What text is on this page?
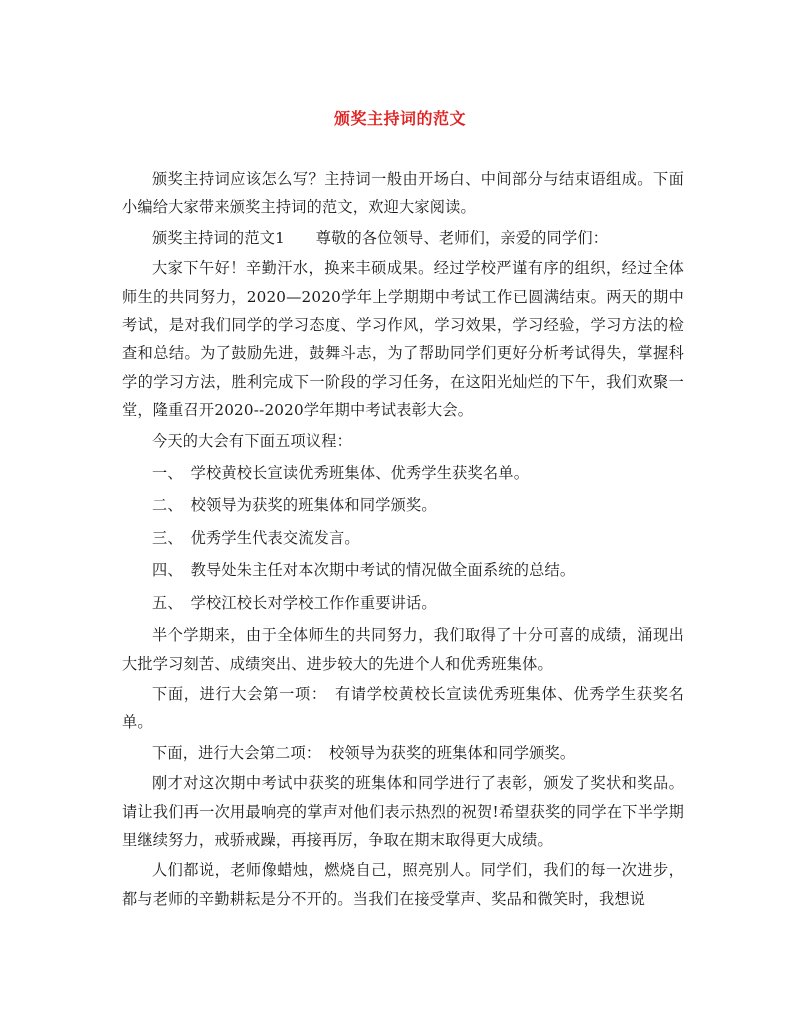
颁奖主持词的范文

颁奖主持词应该怎么写？主持词一般由开场白、中间部分与结束语组成。下面小编给大家带来颁奖主持词的范文，欢迎大家阅读。

颁奖主持词的范文1　　尊敬的各位领导、老师们，亲爱的同学们：

大家下午好！辛勤汗水，换来丰硕成果。经过学校严谨有序的组织，经过全体师生的共同努力，2020—2020学年上学期期中考试工作已圆满结束。两天的期中考试，是对我们同学的学习态度、学习作风，学习效果，学习经验，学习方法的检查和总结。为了鼓励先进，鼓舞斗志，为了帮助同学们更好分析考试得失，掌握科学的学习方法，胜利完成下一阶段的学习任务，在这阳光灿烂的下午，我们欢聚一堂，隆重召开2020--2020学年期中考试表彰大会。

今天的大会有下面五项议程：

一、　学校黄校长宣读优秀班集体、优秀学生获奖名单。

二、　校领导为获奖的班集体和同学颁奖。

三、　优秀学生代表交流发言。

四、　教导处朱主任对本次期中考试的情况做全面系统的总结。

五、　学校江校长对学校工作作重要讲话。

半个学期来，由于全体师生的共同努力，我们取得了十分可喜的成绩，涌现出大批学习刻苦、成绩突出、进步较大的先进个人和优秀班集体。

下面，进行大会第一项：　有请学校黄校长宣读优秀班集体、优秀学生获奖名单。

下面，进行大会第二项：　校领导为获奖的班集体和同学颁奖。

刚才对这次期中考试中获奖的班集体和同学进行了表彰，颁发了奖状和奖品。请让我们再一次用最响亮的掌声对他们表示热烈的祝贺!希望获奖的同学在下半学期里继续努力，戒骄戒躁，再接再厉，争取在期末取得更大成绩。

人们都说，老师像蜡烛，燃烧自己，照亮别人。同学们，我们的每一次进步，都与老师的辛勤耕耘是分不开的。当我们在接受掌声、奖品和微笑时，我想说
